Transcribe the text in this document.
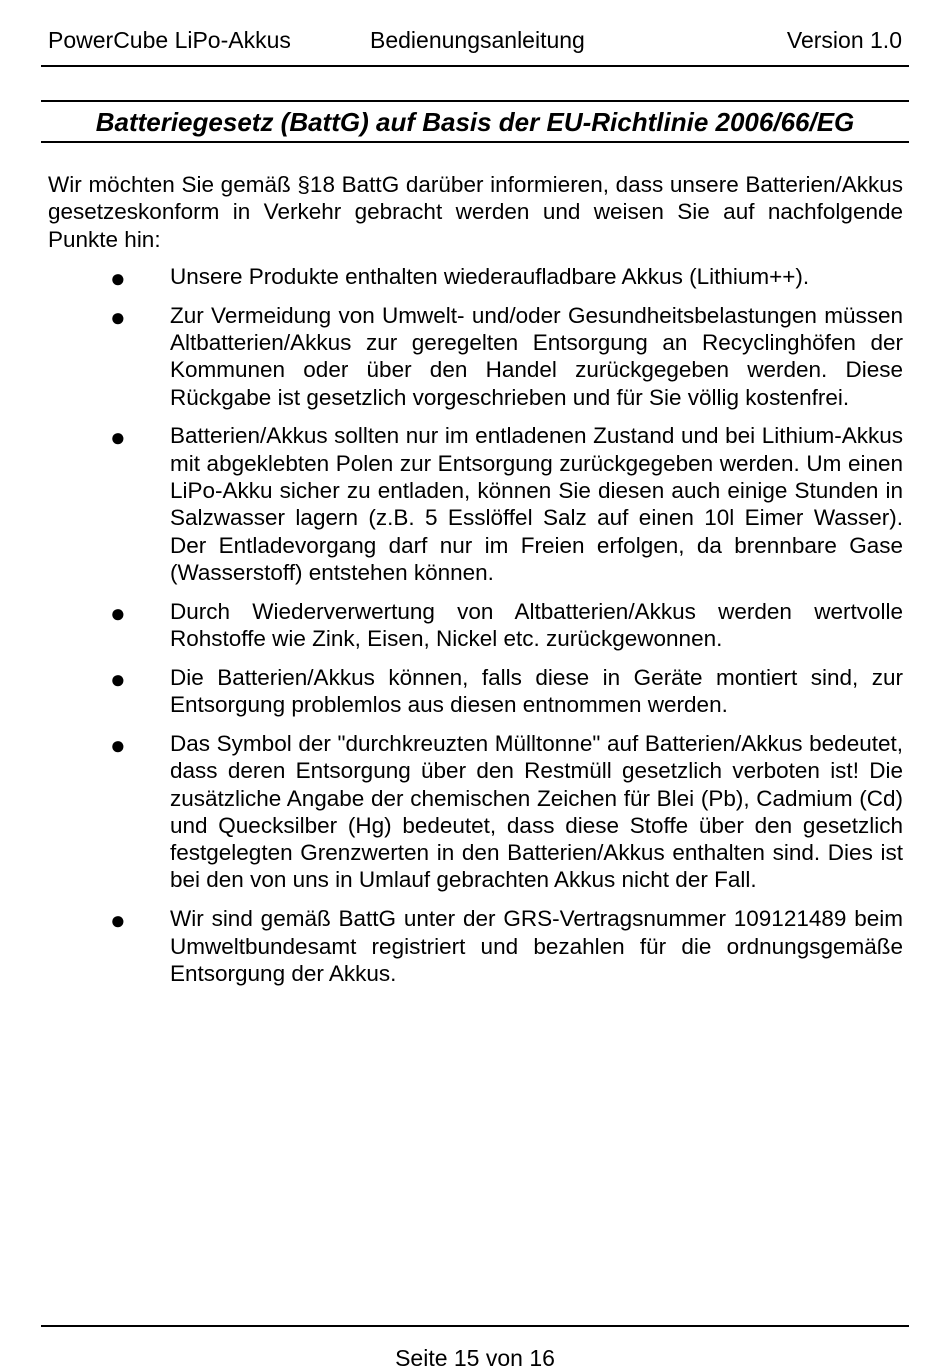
PowerCube LiPo-Akkus	Bedienungsanleitung	Version 1.0
Batteriegesetz (BattG) auf Basis der EU-Richtlinie 2006/66/EG

Wir möchten Sie gemäß §18 BattG darüber informieren, dass unsere Batterien/Akkus gesetzeskonform in Verkehr gebracht werden und weisen Sie auf nachfolgende Punkte hin:

● Unsere Produkte enthalten wiederaufladbare Akkus (Lithium++).
● Zur Vermeidung von Umwelt- und/oder Gesundheitsbelastungen müssen Altbatterien/Akkus zur geregelten Entsorgung an Recyclinghöfen der Kommunen oder über den Handel zurückgegeben werden. Diese Rückgabe ist gesetzlich vorgeschrieben und für Sie völlig kostenfrei.
● Batterien/Akkus sollten nur im entladenen Zustand und bei Lithium-Akkus mit abgeklebten Polen zur Entsorgung zurückgegeben werden. Um einen LiPo-Akku sicher zu entladen, können Sie diesen auch einige Stunden in Salzwasser lagern (z.B. 5 Esslöffel Salz auf einen 10l Eimer Wasser). Der Entladevorgang darf nur im Freien erfolgen, da brennbare Gase (Wasserstoff) entstehen können.
● Durch Wiederverwertung von Altbatterien/Akkus werden wertvolle Rohstoffe wie Zink, Eisen, Nickel etc. zurückgewonnen.
● Die Batterien/Akkus können, falls diese in Geräte montiert sind, zur Entsorgung problemlos aus diesen entnommen werden.
● Das Symbol der "durchkreuzten Mülltonne" auf Batterien/Akkus bedeutet, dass deren Entsorgung über den Restmüll gesetzlich verboten ist! Die zusätzliche Angabe der chemischen Zeichen für Blei (Pb), Cadmium (Cd) und Quecksilber (Hg) bedeutet, dass diese Stoffe über den gesetzlich festgelegten Grenzwerten in den Batterien/Akkus enthalten sind. Dies ist bei den von uns in Umlauf gebrachten Akkus nicht der Fall.
● Wir sind gemäß BattG unter der GRS-Vertragsnummer 109121489 beim Umweltbundesamt registriert und bezahlen für die ordnungsgemäße Entsorgung der Akkus.
Seite 15 von 16
